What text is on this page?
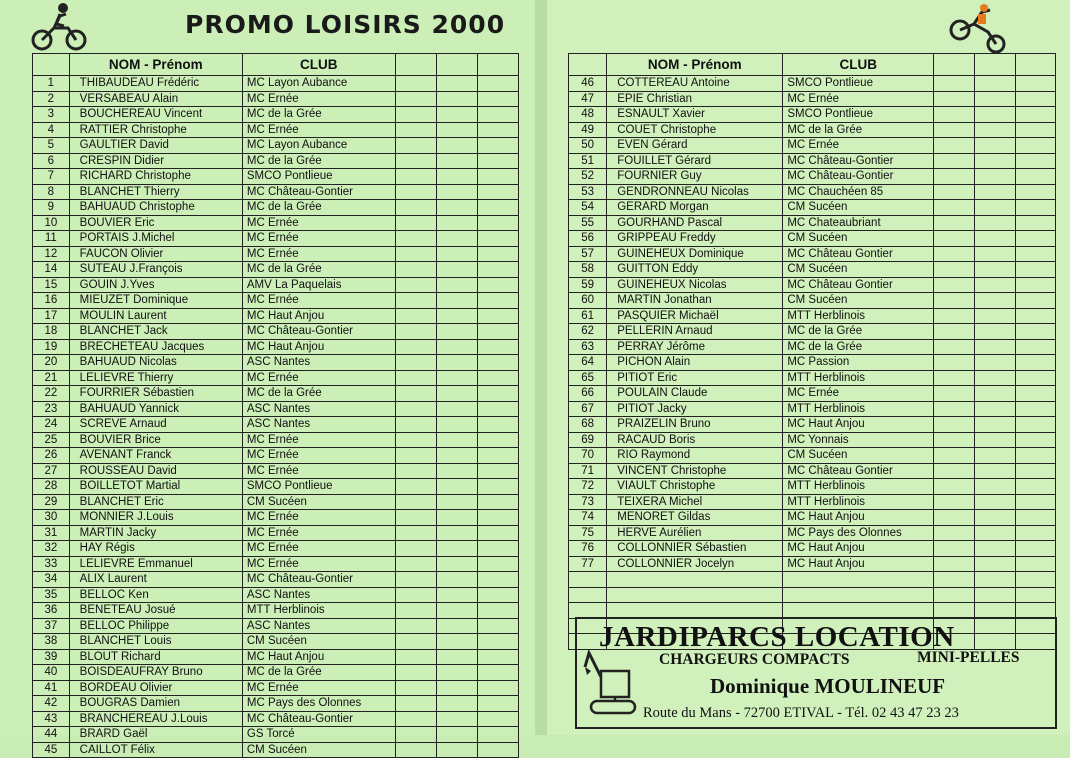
PROMO LOISIRS 2000
	NOM - Prénom	CLUB			
1	THIBAUDEAU Frédéric	MC Layon Aubance			
2	VERSABEAU Alain	MC Ernée			
3	BOUCHEREAU Vincent	MC de la Grée			
4	RATTIER Christophe	MC Ernée			
5	GAULTIER David	MC Layon Aubance			
6	CRESPIN Didier	MC de la Grée			
7	RICHARD Christophe	SMCO Pontlieue			
8	BLANCHET Thierry	MC Château-Gontier			
9	BAHUAUD Christophe	MC de la Grée			
10	BOUVIER Eric	MC Ernée			
11	PORTAIS J.Michel	MC Ernée			
12	FAUCON Olivier	MC Ernée			
14	SUTEAU J.François	MC de la Grée			
15	GOUIN J.Yves	AMV La Paquelais			
16	MIEUZET Dominique	MC Ernée			
17	MOULIN Laurent	MC Haut Anjou			
18	BLANCHET Jack	MC Château-Gontier			
19	BRECHETEAU Jacques	MC Haut Anjou			
20	BAHUAUD Nicolas	ASC Nantes			
21	LELIEVRE Thierry	MC Ernée			
22	FOURRIER Sébastien	MC de la Grée			
23	BAHUAUD Yannick	ASC Nantes			
24	SCREVE Arnaud	ASC Nantes			
25	BOUVIER Brice	MC Ernée			
26	AVENANT Franck	MC Ernée			
27	ROUSSEAU David	MC Ernée			
28	BOILLETOT Martial	SMCO Pontlieue			
29	BLANCHET Eric	CM Sucéen			
30	MONNIER J.Louis	MC Ernée			
31	MARTIN Jacky	MC Ernée			
32	HAY Régis	MC Ernée			
33	LELIEVRE Emmanuel	MC Ernée			
34	ALIX Laurent	MC Château-Gontier			
35	BELLOC Ken	ASC Nantes			
36	BENETEAU Josué	MTT Herblinois			
37	BELLOC Philippe	ASC Nantes			
38	BLANCHET Louis	CM Sucéen			
39	BLOUT Richard	MC Haut Anjou			
40	BOISDEAUFRAY Bruno	MC de la Grée			
41	BORDEAU Olivier	MC Ernée			
42	BOUGRAS Damien	MC Pays des Olonnes			
43	BRANCHEREAU J.Louis	MC Château-Gontier			
44	BRARD Gaël	GS Torcé			
45	CAILLOT Félix	CM Sucéen			
	NOM - Prénom	CLUB			
46	COTTEREAU Antoine	SMCO Pontlieue			
47	EPIE Christian	MC Ernée			
48	ESNAULT Xavier	SMCO Pontlieue			
49	COUET Christophe	MC de la Grée			
50	EVEN Gérard	MC Ernée			
51	FOUILLET Gérard	MC Château-Gontier			
52	FOURNIER Guy	MC Château-Gontier			
53	GENDRONNEAU Nicolas	MC Chauchéen 85			
54	GERARD Morgan	CM Sucéen			
55	GOURHAND Pascal	MC Chateaubriant			
56	GRIPPEAU Freddy	CM Sucéen			
57	GUINEHEUX Dominique	MC Château Gontier			
58	GUITTON Eddy	CM Sucéen			
59	GUINEHEUX Nicolas	MC Château Gontier			
60	MARTIN Jonathan	CM Sucéen			
61	PASQUIER Michaël	MTT Herblinois			
62	PELLERIN Arnaud	MC de la Grée			
63	PERRAY Jérôme	MC de la Grée			
64	PICHON Alain	MC Passion			
65	PITIOT Eric	MTT Herblinois			
66	POULAIN Claude	MC Ernée			
67	PITIOT Jacky	MTT Herblinois			
68	PRAIZELIN Bruno	MC Haut Anjou			
69	RACAUD Boris	MC Yonnais			
70	RIO Raymond	CM Sucéen			
71	VINCENT Christophe	MC Château Gontier			
72	VIAULT Christophe	MTT Herblinois			
73	TEIXERA Michel	MTT Herblinois			
74	MENORET Gildas	MC Haut Anjou			
75	HERVE Aurélien	MC Pays des Olonnes			
76	COLLONNIER Sébastien	MC Haut Anjou			
77	COLLONNIER Jocelyn	MC Haut Anjou			

JARDIPARCS LOCATION
CHARGEURS COMPACTS	MINI-PELLES
Dominique MOULINEUF
Route du Mans - 72700 ETIVAL - Tél. 02 43 47 23 23
